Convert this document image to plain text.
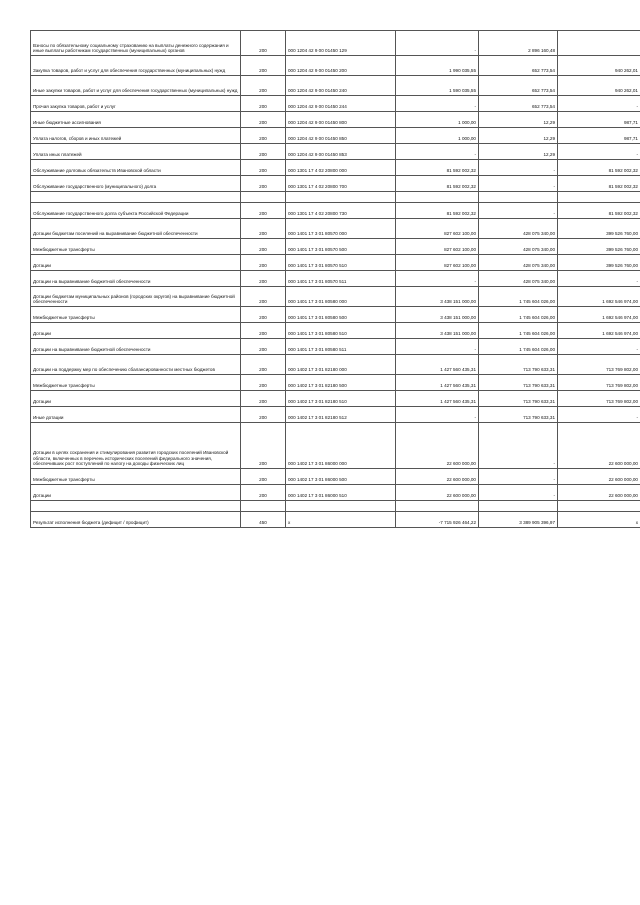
Взносы по обязательному социальному страхованию на выплаты денежного содержания и иные выплаты работникам государственных (муниципальных) органов	200	000 1204 42 9 00 01450 129	-	2 896 160,48	
Закупка товаров, работ и услуг для обеспечения государственных (муниципальных) нужд	200	000 1204 42 9 00 01450 200	1 990 035,55	652 773,54	940 262,01
Иные закупки товаров, работ и услуг для обеспечения государственных (муниципальных) нужд	200	000 1204 42 9 00 01450 240	1 590 035,55	652 773,54	940 262,01
Прочая закупка товаров, работ и услуг	200	000 1204 42 9 00 01450 244	-	652 773,54	-
Иные бюджетные ассигнования	200	000 1204 42 9 00 01450 800	1 000,00	12,29	987,71
Уплата налогов, сборов и иных платежей	200	000 1204 42 9 00 01450 850	1 000,00	12,29	987,71
Уплата иных платежей	200	000 1204 42 9 00 01450 853	-	12,29	-
Обслуживание долговых обязательств Ивановской области	200	000 1301 17 4 02 20800 000	81 592 002,32	-	81 592 002,32
Обслуживание государственного (муниципального) долга	200	000 1301 17 4 02 20800 700	81 592 002,32	-	81 592 002,32

Обслуживание государственного долга субъекта Российской Федерации	200	000 1301 17 4 02 20800 730	81 592 002,32	-	81 592 002,32
Дотации бюджетам поселений на выравнивание бюджетной обеспеченности	200	000 1401 17 3 01 80570 000	827 602 100,00	428 075 340,00	399 526 760,00
Межбюджетные трансферты	200	000 1401 17 3 01 80570 500	827 602 100,00	428 075 340,00	399 526 760,00
Дотации	200	000 1401 17 3 01 80570 510	827 602 100,00	428 075 340,00	399 526 760,00
Дотации на выравнивание бюджетной обеспеченности	200	000 1401 17 3 01 80570 511	-	428 075 340,00	-
Дотации бюджетам муниципальных районов (городских округов) на выравнивание бюджетной обеспеченности	200	000 1401 17 3 01 80580 000	3 438 151 000,00	1 745 604 026,00	1 692 546 974,00
Межбюджетные трансферты	200	000 1401 17 3 01 80580 500	3 438 151 000,00	1 745 604 026,00	1 692 546 974,00
Дотации	200	000 1401 17 3 01 80580 510	3 438 151 000,00	1 745 604 026,00	1 692 546 974,00
Дотации на выравнивание бюджетной обеспеченности	200	000 1401 17 3 01 80580 511	-	1 745 604 026,00	-
Дотации на поддержку мер по обеспечению сбалансированности местных бюджетов	200	000 1402 17 3 01 82180 000	1 427 560 435,31	713 790 633,31	713 769 802,00
Межбюджетные трансферты	200	000 1402 17 3 01 82180 500	1 427 560 435,31	713 790 633,31	713 769 802,00
Дотации	200	000 1402 17 3 01 82180 510	1 427 560 435,31	713 790 633,31	713 769 802,00
Иные дотации	200	000 1402 17 3 01 82180 512	-	713 790 633,31	-
Дотации в целях сохранения и стимулирования развития городских поселений Ивановской области, включенных в перечень исторических поселений федерального значения, обеспечивших рост поступлений по налогу на доходы физических лиц	200	000 1402 17 3 01 86000 000	22 600 000,00	-	22 600 000,00
Межбюджетные трансферты	200	000 1402 17 3 01 86000 500	22 600 000,00	-	22 600 000,00
Дотации	200	000 1402 17 3 01 86000 510	22 600 000,00	-	22 600 000,00

Результат исполнения бюджета (дефицит / профицит)	450	x	-7 715 926 464,22	3 389 905 396,97	x
